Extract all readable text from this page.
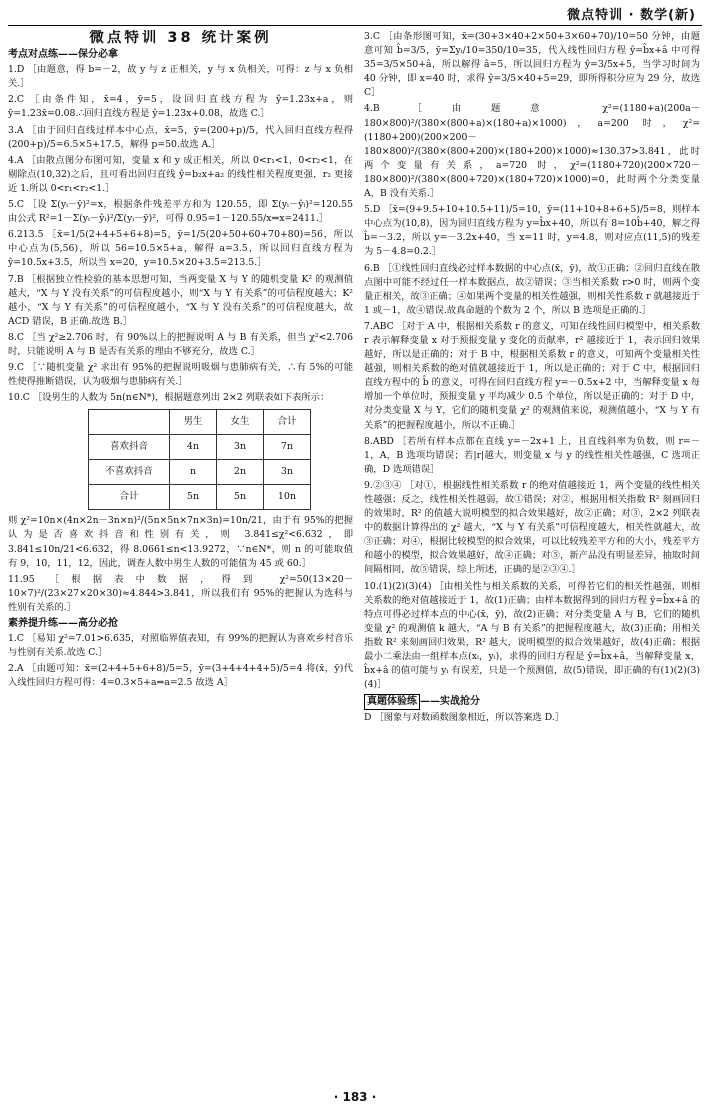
微点特训 · 数学(新)
微点特训 38 统计案例
考点对点练——保分必拿

1.D ［由题意，得 b=－2，故 y 与 z 正相关，y 与 x 负相关，可得：z 与 x 负相关.］

2.C ［由条件知，x̄=4，ȳ=5，设回归直线方程为 ŷ=1.23x+a，则 ȳ=1.23x̄=0.08.∴回归直线方程是 ŷ=1.23x+0.08，故选 C.］

3.A ［由于回归直线过样本中心点，x̄=5，ȳ=(200+p)/5，代入回归直线方程得 (200+p)/5=6.5×5+17.5，解得 p=50.故选 A.］

4.A ［由散点图分布图可知，变量 x 和 y 成正相关，所以 0<r₁<1，0<r₂<1，在剔除点(10,32)之后，且可看出回归直线 ŷ=b₂x+a₂ 的线性相关程度更强，r₂ 更接近 1.所以 0<r₁<r₂<1.］

5.C ［设 Σ(yᵢ－ȳ)²=x，根据条件残差平方和为 120.55，即 Σ(yᵢ－ŷᵢ)²=120.55 由公式 R²=1－Σ(yᵢ－ŷᵢ)²/Σ(yᵢ－ȳ)²，可得 0.95=1－120.55/x⇒x=2411.］

6.213.5 ［x̄=1/5(2+4+5+6+8)=5，ȳ=1/5(20+50+60+70+80)=56，所以中心点为(5,56)，所以 56=10.5×5+a，解得 a=3.5，所以回归直线方程为 ŷ=10.5x+3.5，所以当 x=20，y=10.5×20+3.5=213.5.］

7.B ［根据独立性检验的基本思想可知，当两变量 X 与 Y 的随机变量 K² 的观测值越大，“X 与 Y 没有关系”的可信程度越小，则“X 与 Y 有关系”的可信程度越大；K² 越小，“X 与 Y 有关系”的可信程度越小，“X 与 Y 没有关系”的可信程度越大，故 ACD 错误，B 正确.故选 B.］

8.C ［当 χ²≥2.706 时，有 90%以上的把握说明 A 与 B 有关系，但当 χ²<2.706 时，只能说明 A 与 B 是否有关系的理由不够充分，故选 C.］

9.C ［∵随机变量 χ² 求出有 95%的把握说明吸烟与患肺病有关，∴有 5%的可能性使得推断错误，认为吸烟与患肺病有关.］

10.C ［设男生的人数为 5n(n∈N*)，根据题意列出 2×2 列联表如下表所示：

	男生	女生	合计
喜欢抖音	4n	3n	7n
不喜欢抖音	n	2n	3n
合计	5n	5n	10n

则 χ²=10n×(4n×2n－3n×n)²/(5n×5n×7n×3n)=10n/21，由于有 95%的把握认为是否喜欢抖音和性别有关，则 3.841≤χ²<6.632，即 3.841≤10n/21<6.632，得 8.0661≤n<13.9272，∵n∈N*，则 n 的可能取值有 9，10，11，12，因此，调查人数中男生人数的可能值为 45 或 60.］

11.95 ［根据表中数据，得到 χ²=50(13×20－10×7)²/(23×27×20×30)≈4.844>3.841，所以我们有 95%的把握认为选科与性别有关系的.］

素养提升练——高分必抢

1.C ［易知 χ²=7.01>6.635，对照临界值表知，有 99%的把握认为喜欢乡村音乐与性别有关系.故选 C.］

2.A ［由题可知：x̄=(2+4+5+6+8)/5=5，ȳ=(3+4+4+4+5)/5=4 将(x̄，ȳ)代入线性回归方程可得：4=0.3×5+a⇒a=2.5 故选 A］

3.C ［由条形图可知，x̄=(30+3×40+2×50+3×60+70)/10=50 分钟，由题意可知 b̂=3/5，ȳ=Σyᵢ/10=350/10=35，代入线性回归方程 ŷ=b̂x+â 中可得 35=3/5×50+â，所以解得 â=5，所以回归方程为 ŷ=3/5x+5，当学习时间为 40 分钟，即 x=40 时，求得 ŷ=3/5×40+5=29，即所得积分应为 29 分，故选 C］

4.B ［由题意 χ²=(1180+a)(200a－180×800)²/(380×(800+a)×(180+a)×1000)，a=200 时，χ²=(1180+200)(200×200－180×800)²/(380×(800+200)×(180+200)×1000)≈130.37>3.841，此时两个变量有关系，a=720 时，χ²=(1180+720)(200×720－180×800)²/(380×(800+720)×(180+720)×1000)=0，此时两个分类变量 A，B 没有关系.］

5.D ［x̄=(9+9.5+10+10.5+11)/5=10，ȳ=(11+10+8+6+5)/5=8，则样本中心点为(10,8)，因为回归直线方程为 y=b̂x+40，所以有 8=10b̂+40，解之得 b̂=－3.2，所以 y=－3.2x+40，当 x=11 时，y=4.8，则对应点(11,5)的残差为 5－4.8=0.2.］

6.B ［①线性回归直线必过样本数据的中心点(x̄，ȳ)，故①正确；②回归直线在散点图中可能不经过任一样本数据点，故②错误；③当相关系数 r>0 时，则两个变量正相关，故③正确；④如果两个变量的相关性越强，则相关性系数 r 就越接近于 1 或－1，故④错误.故真命题的个数为 2 个，所以 B 选项是正确的.］

7.ABC ［对于 A 中，根据相关系数 r 的意义，可知在线性回归模型中，相关系数 r 表示解释变量 x 对于预报变量 y 变化的贡献率，r² 越接近于 1，表示回归效果越好，所以是正确的；对于 B 中，根据相关系数 r 的意义，可知两个变量相关性越强，则相关系数的绝对值就越接近于 1，所以是正确的；对于 C 中，根据回归直线方程中的 b̂ 的意义，可得在回归直线方程 y=－0.5x+2 中，当解释变量 x 每增加一个单位时，预报变量 y 平均减少 0.5 个单位，所以是正确的；对于 D 中，对分类变量 X 与 Y，它们的随机变量 χ² 的观测值来说，观测值越小，“X 与 Y 有关系”的把握程度越小，所以不正确.］

8.ABD ［若所有样本点都在直线 y=－2x+1 上，且直线斜率为负数，则 r=－1，A，B 选项均错误；若|r|越大，则变量 x 与 y 的线性相关性越强，C 选项正确，D 选项错误］

9.②③④ ［对①，根据线性相关系数 r 的绝对值越接近 1，两个变量的线性相关性越强；反之，线性相关性越弱，故①错误；对②，根据用相关指数 R² 刻画回归的效果时，R² 的值越大说明模型的拟合效果越好，故②正确；对③，2×2 列联表中的数据计算得出的 χ² 越大，“X 与 Y 有关系”可信程度越大，相关性就越大，故③正确；对④，根据比较模型的拟合效果，可以比较残差平方和的大小，残差平方和越小的模型，拟合效果越好，故④正确；对⑤，新产品没有明显差异，抽取时间间隔相同，故⑤错误，综上所述，正确的是②③④.］

10.(1)(2)(3)(4) ［由相关性与相关系数的关系，可得若它们的相关性越强，则相关系数的绝对值越接近于 1，故(1)正确；由样本数据得到的回归方程 ŷ=b̂x+â 的特点可得必过样本点的中心(x̄，ȳ)，故(2)正确；对分类变量 A 与 B，它们的随机变量 χ² 的观测值 k 越大，“A 与 B 有关系”的把握程度越大，故(3)正确；用相关指数 R² 来刻画回归效果，R² 越大，说明模型的拟合效果越好，故(4)正确；根据最小二乘法由一组样本点(xᵢ，yᵢ)，求得的回归方程是 ŷ=b̂x+â，当解释变量 x，b̂x+â 的值可能与 yᵢ 有误差，只是一个预测值，故(5)错误，即正确的有(1)(2)(3)(4)］

真题体验练 ——实战抢分

D ［图象与对数函数图象相近，所以答案选 D.］

· 183 ·
